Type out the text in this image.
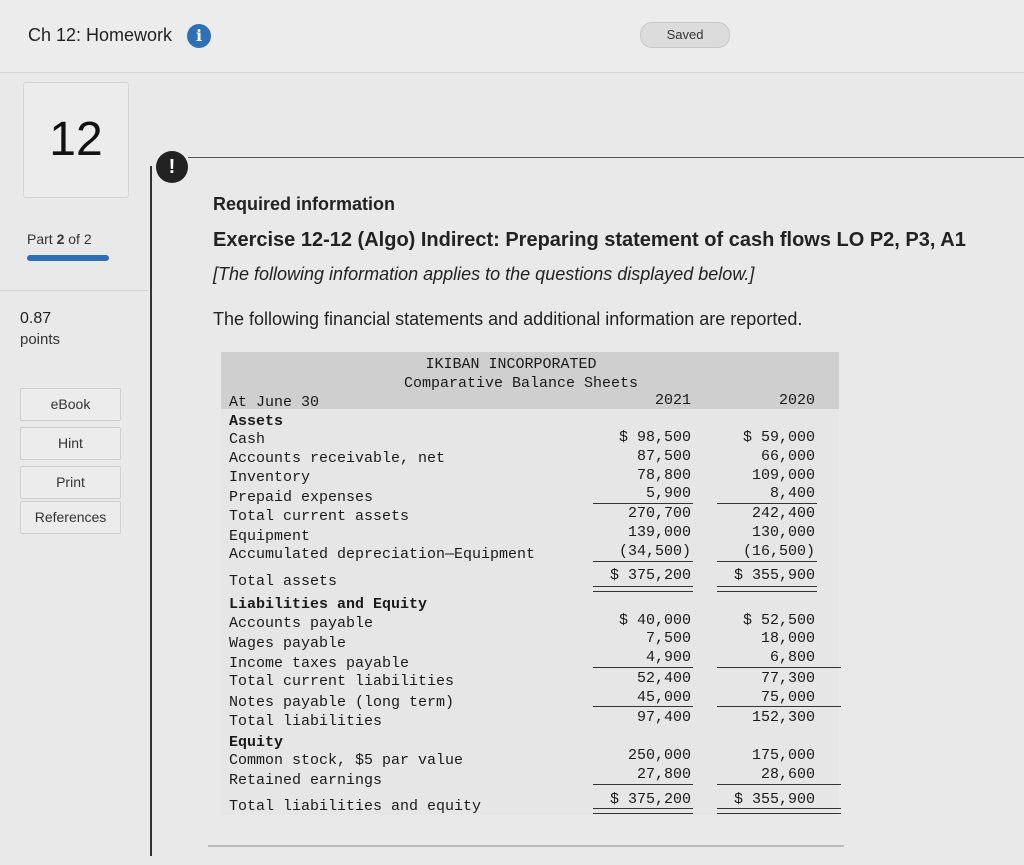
Ch 12: Homework	i	Saved
12
Part 2 of 2
0.87
points
eBook
Hint
Print
References
!
Required information
Exercise 12-12 (Algo) Indirect: Preparing statement of cash flows LO P2, P3, A1
[The following information applies to the questions displayed below.]
The following financial statements and additional information are reported.
IKIBAN INCORPORATED
Comparative Balance Sheets
At June 30	2021	2020
Assets
Cash	$ 98,500	$ 59,000
Accounts receivable, net	87,500	66,000
Inventory	78,800	109,000
Prepaid expenses	5,900	8,400
Total current assets	270,700	242,400
Equipment	139,000	130,000
Accumulated depreciation—Equipment	(34,500)	(16,500)
Total assets	$ 375,200	$ 355,900
Liabilities and Equity
Accounts payable	$ 40,000	$ 52,500
Wages payable	7,500	18,000
Income taxes payable	4,900	6,800
Total current liabilities	52,400	77,300
Notes payable (long term)	45,000	75,000
Total liabilities	97,400	152,300
Equity
Common stock, $5 par value	250,000	175,000
Retained earnings	27,800	28,600
Total liabilities and equity	$ 375,200	$ 355,900
